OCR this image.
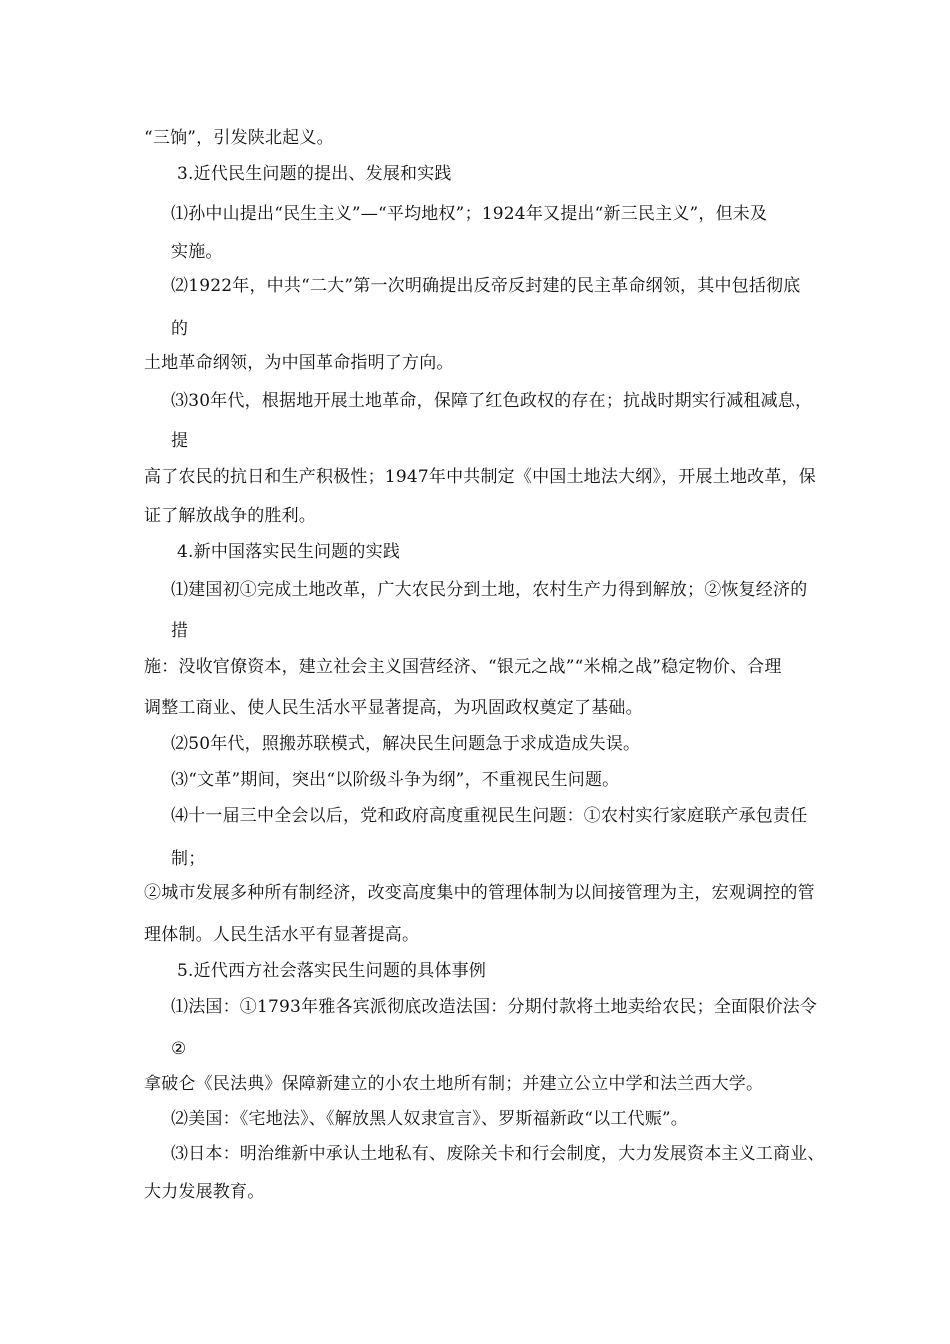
“三饷”，引发陕北起义。
3.近代民生问题的提出、发展和实践
⑴孙中山提出“民生主义”—“平均地权”；1924年又提出“新三民主义”，但未及
实施。
⑵1922年，中共“二大”第一次明确提出反帝反封建的民主革命纲领，其中包括彻底
的
土地革命纲领，为中国革命指明了方向。
⑶30年代，根据地开展土地革命，保障了红色政权的存在；抗战时期实行减租减息，
提
高了农民的抗日和生产积极性；1947年中共制定《中国土地法大纲》，开展土地改革，保
证了解放战争的胜利。
4.新中国落实民生问题的实践
⑴建国初①完成土地改革，广大农民分到土地，农村生产力得到解放；②恢复经济的
措
施：没收官僚资本，建立社会主义国营经济、“银元之战”“米棉之战”稳定物价、合理
调整工商业、使人民生活水平显著提高，为巩固政权奠定了基础。
⑵50年代，照搬苏联模式，解决民生问题急于求成造成失误。
⑶“文革”期间，突出“以阶级斗争为纲”，不重视民生问题。
⑷十一届三中全会以后，党和政府高度重视民生问题：①农村实行家庭联产承包责任
制；
②城市发展多种所有制经济，改变高度集中的管理体制为以间接管理为主，宏观调控的管
理体制。人民生活水平有显著提高。
5.近代西方社会落实民生问题的具体事例
⑴法国：①1793年雅各宾派彻底改造法国：分期付款将土地卖给农民；全面限价法令
②
拿破仑《民法典》保障新建立的小农土地所有制；并建立公立中学和法兰西大学。
⑵美国：《宅地法》、《解放黑人奴隶宣言》、罗斯福新政“以工代赈”。
⑶日本：明治维新中承认土地私有、废除关卡和行会制度，大力发展资本主义工商业、
大力发展教育。
